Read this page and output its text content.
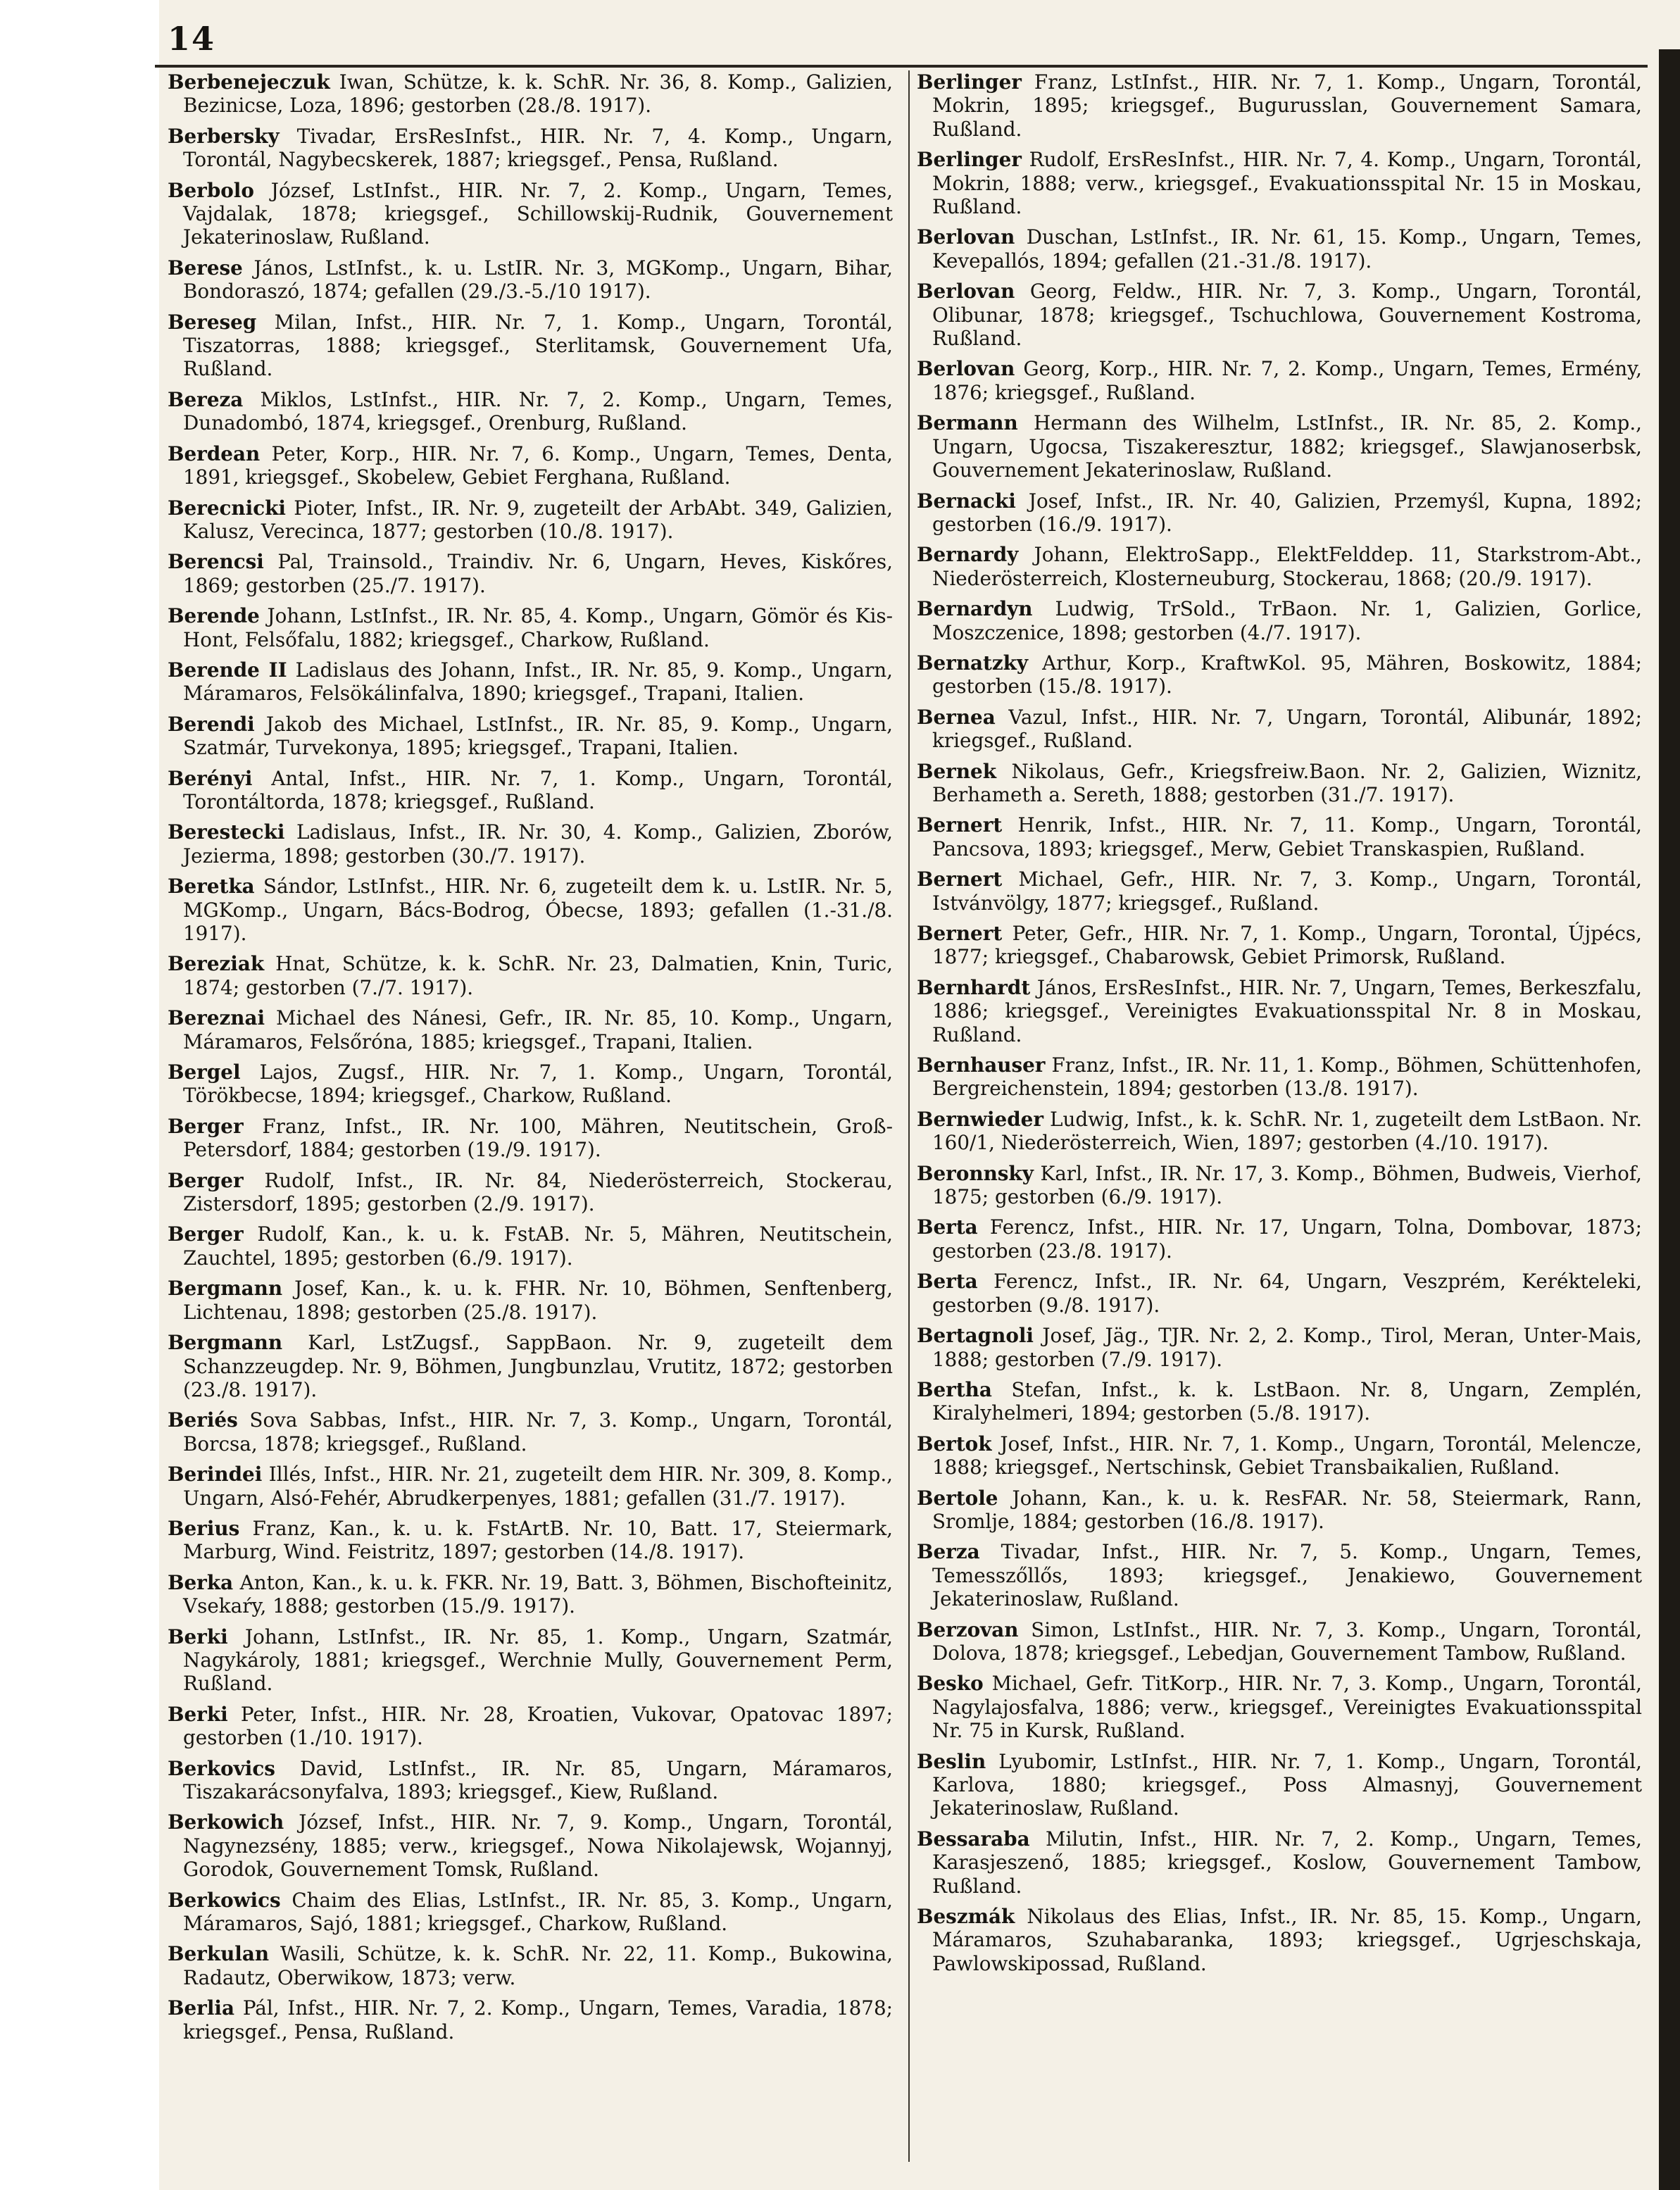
14

Berbenejeczuk Iwan, Schütze, k. k. SchR. Nr. 36, 8. Komp., Galizien, Bezinicse, Loza, 1896; gestorben (28./8. 1917).

Berbersky Tivadar, ErsResInfst., HIR. Nr. 7, 4. Komp., Ungarn, Torontál, Nagybecskerek, 1887; kriegsgef., Pensa, Rußland.

Berbolo József, LstInfst., HIR. Nr. 7, 2. Komp., Ungarn, Temes, Vajdalak, 1878; kriegsgef., Schillowskij-Rudnik, Gouvernement Jekaterinoslaw, Rußland.

Berese János, LstInfst., k. u. LstIR. Nr. 3, MGKomp., Ungarn, Bihar, Bondoraszó, 1874; gefallen (29./3.-5./10 1917).

Bereseg Milan, Infst., HIR. Nr. 7, 1. Komp., Ungarn, Torontál, Tiszatorras, 1888; kriegsgef., Sterlitamsk, Gouvernement Ufa, Rußland.

Bereza Miklos, LstInfst., HIR. Nr. 7, 2. Komp., Ungarn, Temes, Dunadombó, 1874, kriegsgef., Orenburg, Rußland.

Berdean Peter, Korp., HIR. Nr. 7, 6. Komp., Ungarn, Temes, Denta, 1891, kriegsgef., Skobelew, Gebiet Ferghana, Rußland.

Berecnicki Pioter, Infst., IR. Nr. 9, zugeteilt der ArbAbt. 349, Galizien, Kalusz, Verecinca, 1877; gestorben (10./8. 1917).

Berencsi Pal, Trainsold., Traindiv. Nr. 6, Ungarn, Heves, Kiskőres, 1869; gestorben (25./7. 1917).

Berende Johann, LstInfst., IR. Nr. 85, 4. Komp., Ungarn, Gömör és Kis-Hont, Felsőfalu, 1882; kriegsgef., Charkow, Rußland.

Berende II Ladislaus des Johann, Infst., IR. Nr. 85, 9. Komp., Ungarn, Máramaros, Felsökálinfalva, 1890; kriegsgef., Trapani, Italien.

Berendi Jakob des Michael, LstInfst., IR. Nr. 85, 9. Komp., Ungarn, Szatmár, Turvekonya, 1895; kriegsgef., Trapani, Italien.

Berényi Antal, Infst., HIR. Nr. 7, 1. Komp., Ungarn, Torontál, Torontáltorda, 1878; kriegsgef., Rußland.

Berestecki Ladislaus, Infst., IR. Nr. 30, 4. Komp., Galizien, Zborów, Jezierma, 1898; gestorben (30./7. 1917).

Beretka Sándor, LstInfst., HIR. Nr. 6, zugeteilt dem k. u. LstIR. Nr. 5, MGKomp., Ungarn, Bács-Bodrog, Óbecse, 1893; gefallen (1.-31./8. 1917).

Bereziak Hnat, Schütze, k. k. SchR. Nr. 23, Dalmatien, Knin, Turic, 1874; gestorben (7./7. 1917).

Bereznai Michael des Nánesi, Gefr., IR. Nr. 85, 10. Komp., Ungarn, Máramaros, Felsőróna, 1885; kriegsgef., Trapani, Italien.

Bergel Lajos, Zugsf., HIR. Nr. 7, 1. Komp., Ungarn, Torontál, Törökbecse, 1894; kriegsgef., Charkow, Rußland.

Berger Franz, Infst., IR. Nr. 100, Mähren, Neutitschein, Groß-Petersdorf, 1884; gestorben (19./9. 1917).

Berger Rudolf, Infst., IR. Nr. 84, Niederösterreich, Stockerau, Zistersdorf, 1895; gestorben (2./9. 1917).

Berger Rudolf, Kan., k. u. k. FstAB. Nr. 5, Mähren, Neutitschein, Zauchtel, 1895; gestorben (6./9. 1917).

Bergmann Josef, Kan., k. u. k. FHR. Nr. 10, Böhmen, Senftenberg, Lichtenau, 1898; gestorben (25./8. 1917).

Bergmann Karl, LstZugsf., SappBaon. Nr. 9, zugeteilt dem Schanzzeugdep. Nr. 9, Böhmen, Jungbunzlau, Vrutitz, 1872; gestorben (23./8. 1917).

Beriés Sova Sabbas, Infst., HIR. Nr. 7, 3. Komp., Ungarn, Torontál, Borcsa, 1878; kriegsgef., Rußland.

Berindei Illés, Infst., HIR. Nr. 21, zugeteilt dem HIR. Nr. 309, 8. Komp., Ungarn, Alsó-Fehér, Abrudkerpenyes, 1881; gefallen (31./7. 1917).

Berius Franz, Kan., k. u. k. FstArtB. Nr. 10, Batt. 17, Steiermark, Marburg, Wind. Feistritz, 1897; gestorben (14./8. 1917).

Berka Anton, Kan., k. u. k. FKR. Nr. 19, Batt. 3, Böhmen, Bischofteinitz, Vsekaŕy, 1888; gestorben (15./9. 1917).

Berki Johann, LstInfst., IR. Nr. 85, 1. Komp., Ungarn, Szatmár, Nagykároly, 1881; kriegsgef., Werchnie Mully, Gouvernement Perm, Rußland.

Berki Peter, Infst., HIR. Nr. 28, Kroatien, Vukovar, Opatovac 1897; gestorben (1./10. 1917).

Berkovics David, LstInfst., IR. Nr. 85, Ungarn, Máramaros, Tiszakarácsonyfalva, 1893; kriegsgef., Kiew, Rußland.

Berkowich József, Infst., HIR. Nr. 7, 9. Komp., Ungarn, Torontál, Nagynezsény, 1885; verw., kriegsgef., Nowa Nikolajewsk, Wojannyj, Gorodok, Gouvernement Tomsk, Rußland.

Berkowics Chaim des Elias, LstInfst., IR. Nr. 85, 3. Komp., Ungarn, Máramaros, Sajó, 1881; kriegsgef., Charkow, Rußland.

Berkulan Wasili, Schütze, k. k. SchR. Nr. 22, 11. Komp., Bukowina, Radautz, Oberwikow, 1873; verw.

Berlia Pál, Infst., HIR. Nr. 7, 2. Komp., Ungarn, Temes, Varadia, 1878; kriegsgef., Pensa, Rußland.

Berlinger Franz, LstInfst., HIR. Nr. 7, 1. Komp., Ungarn, Torontál, Mokrin, 1895; kriegsgef., Bugurusslan, Gouvernement Samara, Rußland.

Berlinger Rudolf, ErsResInfst., HIR. Nr. 7, 4. Komp., Ungarn, Torontál, Mokrin, 1888; verw., kriegsgef., Evakuationsspital Nr. 15 in Moskau, Rußland.

Berlovan Duschan, LstInfst., IR. Nr. 61, 15. Komp., Ungarn, Temes, Kevepallós, 1894; gefallen (21.-31./8. 1917).

Berlovan Georg, Feldw., HIR. Nr. 7, 3. Komp., Ungarn, Torontál, Olibunar, 1878; kriegsgef., Tschuchlowa, Gouvernement Kostroma, Rußland.

Berlovan Georg, Korp., HIR. Nr. 7, 2. Komp., Ungarn, Temes, Ermény, 1876; kriegsgef., Rußland.

Bermann Hermann des Wilhelm, LstInfst., IR. Nr. 85, 2. Komp., Ungarn, Ugocsa, Tiszakeresztur, 1882; kriegsgef., Slawjanoserbsk, Gouvernement Jekaterinoslaw, Rußland.

Bernacki Josef, Infst., IR. Nr. 40, Galizien, Przemyśl, Kupna, 1892; gestorben (16./9. 1917).

Bernardy Johann, ElektroSapp., ElektFelddep. 11, Starkstrom-Abt., Niederösterreich, Klosterneuburg, Stockerau, 1868; (20./9. 1917).

Bernardyn Ludwig, TrSold., TrBaon. Nr. 1, Galizien, Gorlice, Moszczenice, 1898; gestorben (4./7. 1917).

Bernatzky Arthur, Korp., KraftwKol. 95, Mähren, Boskowitz, 1884; gestorben (15./8. 1917).

Bernea Vazul, Infst., HIR. Nr. 7, Ungarn, Torontál, Alibunár, 1892; kriegsgef., Rußland.

Bernek Nikolaus, Gefr., Kriegsfreiw.Baon. Nr. 2, Galizien, Wiznitz, Berhameth a. Sereth, 1888; gestorben (31./7. 1917).

Bernert Henrik, Infst., HIR. Nr. 7, 11. Komp., Ungarn, Torontál, Pancsova, 1893; kriegsgef., Merw, Gebiet Transkaspien, Rußland.

Bernert Michael, Gefr., HIR. Nr. 7, 3. Komp., Ungarn, Torontál, Istvánvölgy, 1877; kriegsgef., Rußland.

Bernert Peter, Gefr., HIR. Nr. 7, 1. Komp., Ungarn, Torontal, Újpécs, 1877; kriegsgef., Chabarowsk, Gebiet Primorsk, Rußland.

Bernhardt János, ErsResInfst., HIR. Nr. 7, Ungarn, Temes, Berkeszfalu, 1886; kriegsgef., Vereinigtes Evakuationsspital Nr. 8 in Moskau, Rußland.

Bernhauser Franz, Infst., IR. Nr. 11, 1. Komp., Böhmen, Schüttenhofen, Bergreichenstein, 1894; gestorben (13./8. 1917).

Bernwieder Ludwig, Infst., k. k. SchR. Nr. 1, zugeteilt dem LstBaon. Nr. 160/1, Niederösterreich, Wien, 1897; gestorben (4./10. 1917).

Beronnsky Karl, Infst., IR. Nr. 17, 3. Komp., Böhmen, Budweis, Vierhof, 1875; gestorben (6./9. 1917).

Berta Ferencz, Infst., HIR. Nr. 17, Ungarn, Tolna, Dombovar, 1873; gestorben (23./8. 1917).

Berta Ferencz, Infst., IR. Nr. 64, Ungarn, Veszprém, Kerékteleki, gestorben (9./8. 1917).

Bertagnoli Josef, Jäg., TJR. Nr. 2, 2. Komp., Tirol, Meran, Unter-Mais, 1888; gestorben (7./9. 1917).

Bertha Stefan, Infst., k. k. LstBaon. Nr. 8, Ungarn, Zemplén, Kiralyhelmeri, 1894; gestorben (5./8. 1917).

Bertok Josef, Infst., HIR. Nr. 7, 1. Komp., Ungarn, Torontál, Melencze, 1888; kriegsgef., Nertschinsk, Gebiet Transbaikalien, Rußland.

Bertole Johann, Kan., k. u. k. ResFAR. Nr. 58, Steiermark, Rann, Sromlje, 1884; gestorben (16./8. 1917).

Berza Tivadar, Infst., HIR. Nr. 7, 5. Komp., Ungarn, Temes, Temesszőllős, 1893; kriegsgef., Jenakiewo, Gouvernement Jekaterinoslaw, Rußland.

Berzovan Simon, LstInfst., HIR. Nr. 7, 3. Komp., Ungarn, Torontál, Dolova, 1878; kriegsgef., Lebedjan, Gouvernement Tambow, Rußland.

Besko Michael, Gefr. TitKorp., HIR. Nr. 7, 3. Komp., Ungarn, Torontál, Nagylajosfalva, 1886; verw., kriegsgef., Vereinigtes Evakuationsspital Nr. 75 in Kursk, Rußland.

Beslin Lyubomir, LstInfst., HIR. Nr. 7, 1. Komp., Ungarn, Torontál, Karlova, 1880; kriegsgef., Poss Almasnyj, Gouvernement Jekaterinoslaw, Rußland.

Bessaraba Milutin, Infst., HIR. Nr. 7, 2. Komp., Ungarn, Temes, Karasjeszenő, 1885; kriegsgef., Koslow, Gouvernement Tambow, Rußland.

Beszmák Nikolaus des Elias, Infst., IR. Nr. 85, 15. Komp., Ungarn, Máramaros, Szuhabaranka, 1893; kriegsgef., Ugrjeschskaja, Pawlowskipossad, Rußland.
